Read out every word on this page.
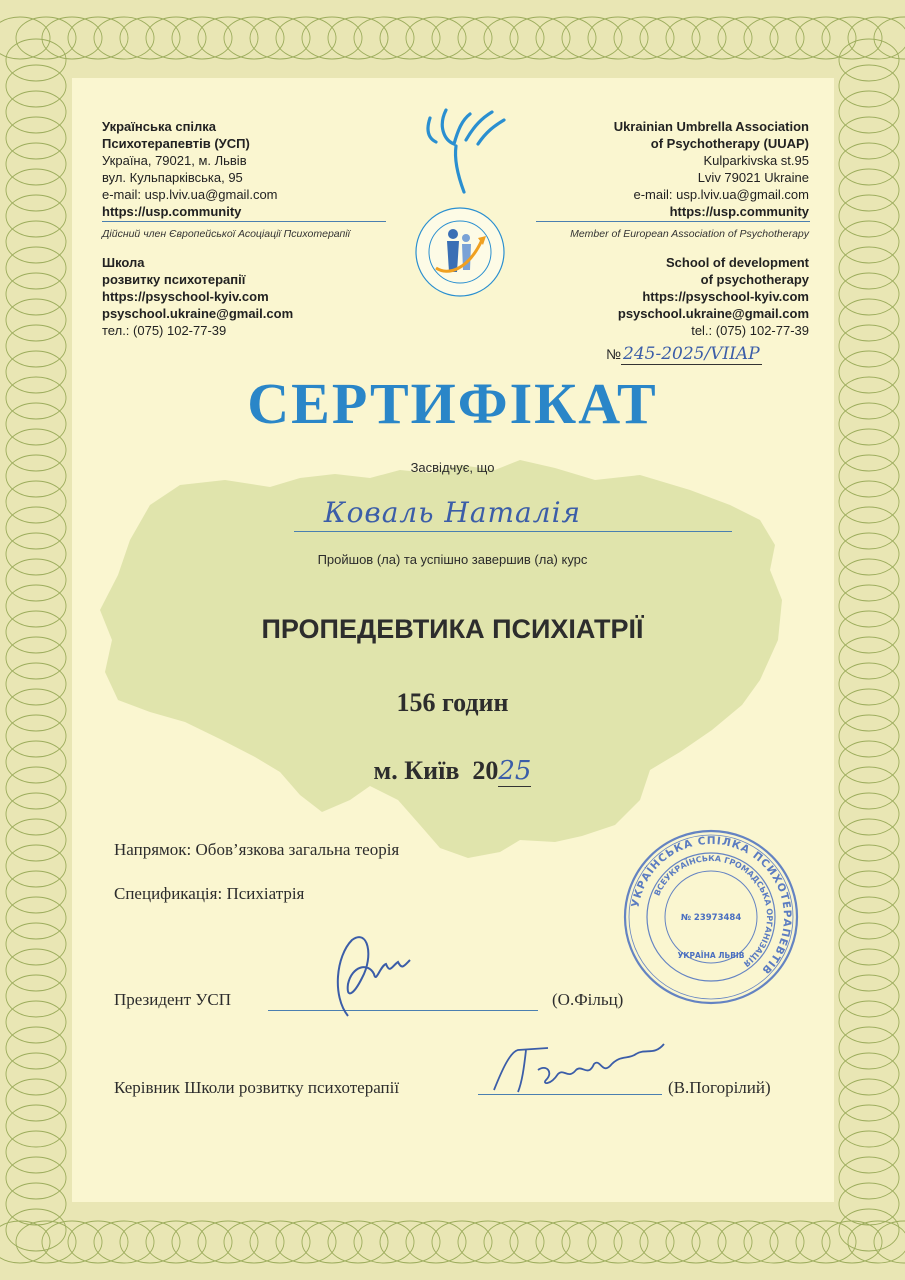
Українська спілка
Психотерапевтів (УСП)
Україна, 79021, м. Львів
вул. Кульпарківська, 95
e-mail: usp.lviv.ua@gmail.com
https://usp.community
Дійсний член Європейської Асоціації Психотерапії
Школа
розвитку психотерапії
https://psyschool-kyiv.com
psyschool.ukraine@gmail.com
тел.: (075) 102-77-39
Ukrainian Umbrella Association
of Psychotherapy (UUAP)
Kulparkivska st.95
Lviv 79021 Ukraine
e-mail: usp.lviv.ua@gmail.com
https://usp.community
Member of European Association of Psychotherapy
School of development
of psychotherapy
https://psyschool-kyiv.com
psyschool.ukraine@gmail.com
tel.: (075) 102-77-39
№ 245-2025/VIIAP
СЕРТИФІКАТ
Засвідчує, що
Коваль Наталія
Пройшов (ла) та успішно завершив (ла) курс
ПРОПЕДЕВТИКА ПСИХІАТРІЇ
156 годин
м. Київ 2025
Напрямок: Обов’язкова загальна теорія
Спецификація: Психіатрія
Президент УСП	(О.Фільц)
Керівник Школи розвитку психотерапії	(В.Погорілий)
УКРАЇНСЬКА СПІЛКА ПСИХОТЕРАПЕВТІВ
ВСЕУКРАЇНСЬКА ГРОМАДСЬКА ОРГАНІЗАЦІЯ
№ 23973484
УКРАЇНА ЛЬВІВ
